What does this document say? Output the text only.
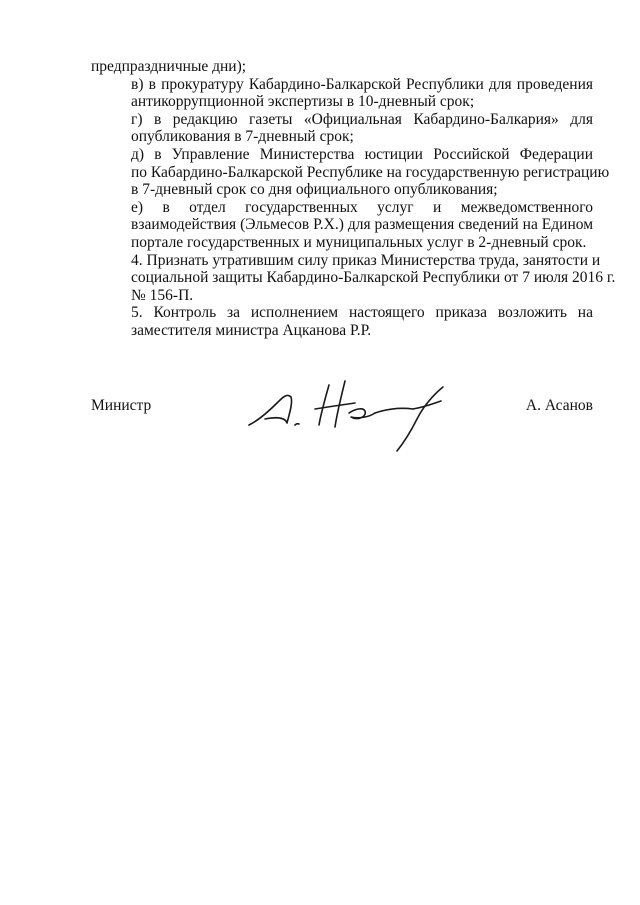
предпраздничные дни);

в) в прокуратуру Кабардино-Балкарской Республики для проведения
антикоррупционной экспертизы в 10-дневный срок;

г) в редакцию газеты «Официальная Кабардино-Балкария» для
опубликования в 7-дневный срок;

д) в Управление Министерства юстиции Российской Федерации
по Кабардино-Балкарской Республике на государственную регистрацию
в 7-дневный срок со дня официального опубликования;

е) в отдел государственных услуг и межведомственного
взаимодействия (Эльмесов Р.Х.) для размещения сведений на Едином
портале государственных и муниципальных услуг в 2-дневный срок.

4. Признать утратившим силу приказ Министерства труда, занятости и
социальной защиты Кабардино-Балкарской Республики от 7 июля 2016 г.
№ 156-П.

5. Контроль за исполнением настоящего приказа возложить на
заместителя министра Ацканова Р.Р.

Министр	А. Асанов
